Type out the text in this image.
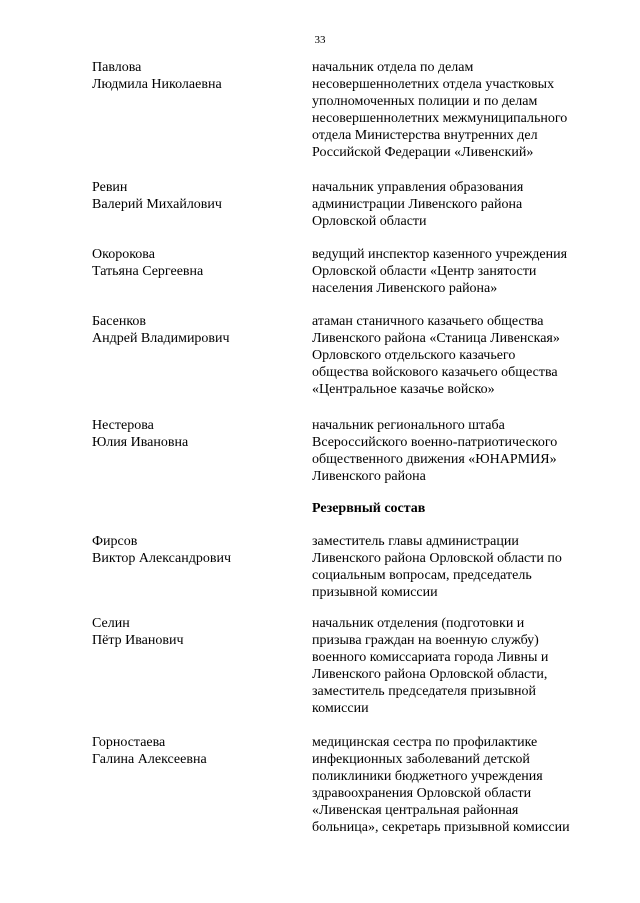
33
Павлова
Людмила Николаевна
начальник отдела по делам
несовершеннолетних отдела участковых
уполномоченных полиции и по делам
несовершеннолетних межмуниципального
отдела Министерства внутренних дел
Российской Федерации «Ливенский»
Ревин
Валерий Михайлович
начальник управления образования
администрации Ливенского района
Орловской области
Окорокова
Татьяна Сергеевна
ведущий инспектор казенного учреждения
Орловской области «Центр занятости
населения Ливенского района»
Басенков
Андрей Владимирович
атаман станичного казачьего общества
Ливенского района «Станица Ливенская»
Орловского отдельского казачьего
общества войскового казачьего общества
«Центральное казачье войско»
Нестерова
Юлия Ивановна
начальник регионального штаба
Всероссийского военно-патриотического
общественного движения «ЮНАРМИЯ»
Ливенского района
Резервный состав
Фирсов
Виктор Александрович
заместитель главы администрации
Ливенского района Орловской области по
социальным вопросам, председатель
призывной комиссии
Селин
Пётр Иванович
начальник отделения (подготовки и
призыва граждан на военную службу)
военного комиссариата города Ливны и
Ливенского района Орловской области,
заместитель председателя призывной
комиссии
Горностаева
Галина Алексеевна
медицинская сестра по профилактике
инфекционных заболеваний детской
поликлиники бюджетного учреждения
здравоохранения Орловской области
«Ливенская центральная районная
больница», секретарь призывной комиссии
